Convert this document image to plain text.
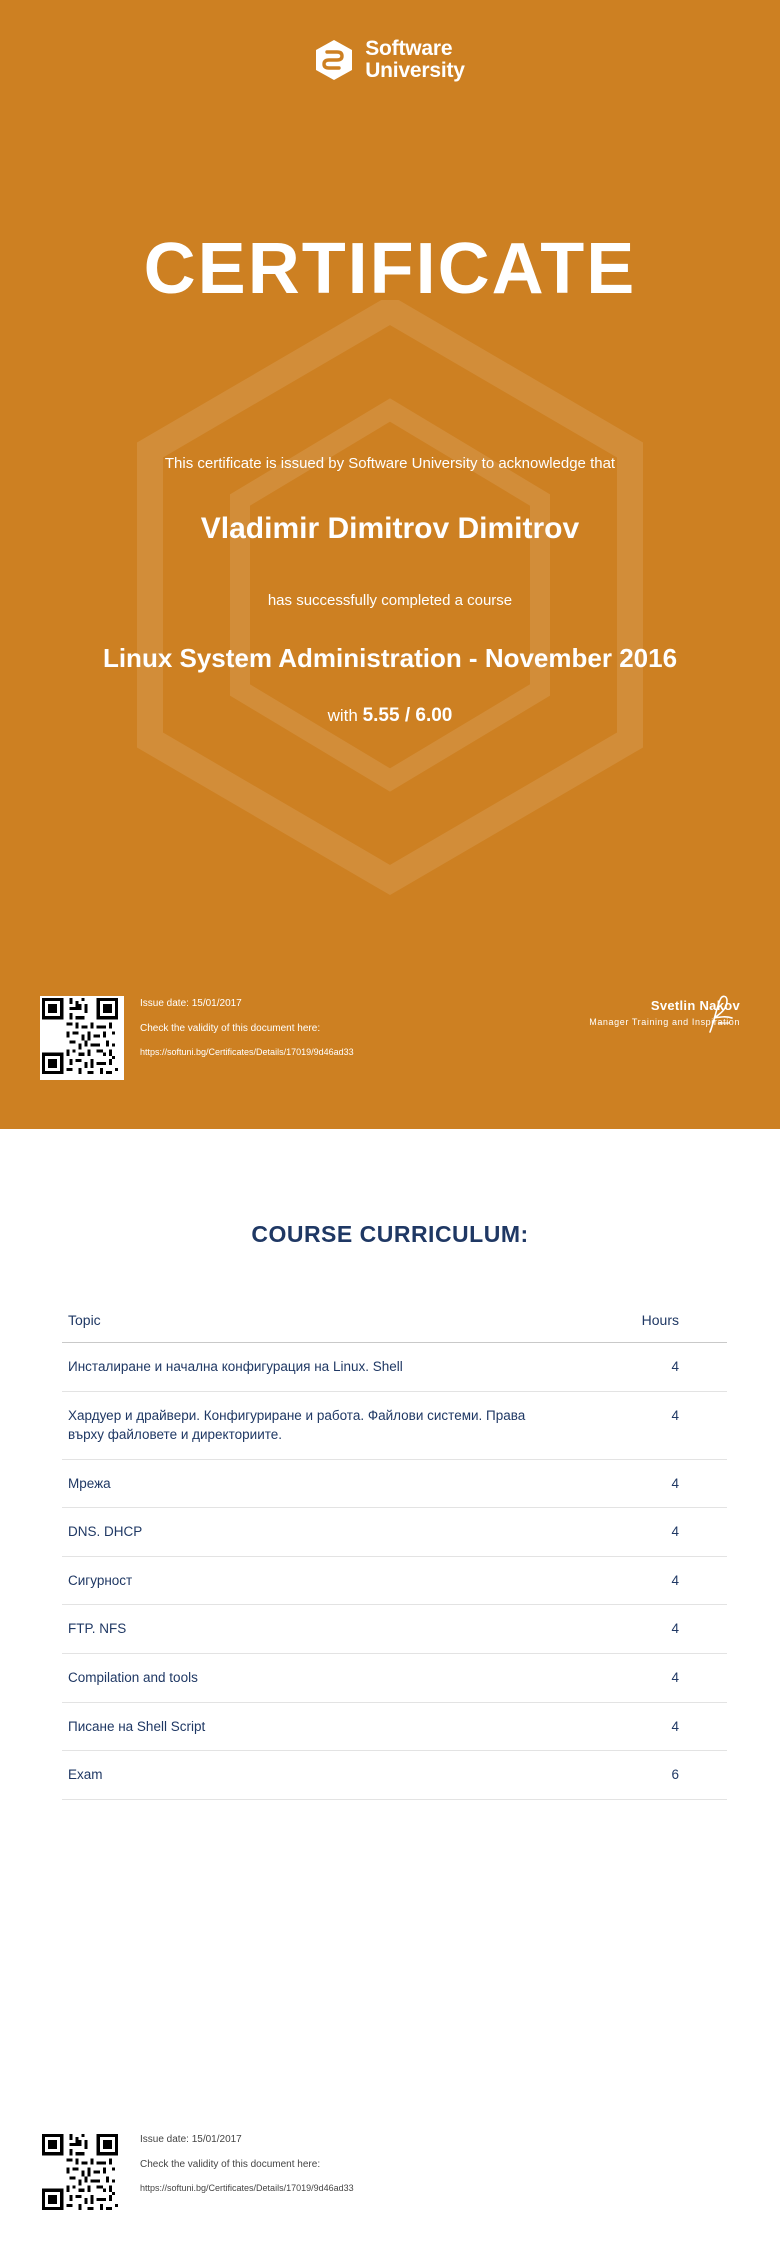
Software
University
CERTIFICATE
This certificate is issued by Software University to acknowledge that
Vladimir Dimitrov Dimitrov
has successfully completed a course
Linux System Administration - November 2016
with 5.55 / 6.00
Issue date: 15/01/2017
Check the validity of this document here:
https://softuni.bg/Certificates/Details/17019/9d46ad33
Svetlin Nakov
Manager Training and Inspiration
COURSE CURRICULUM:
Topic	Hours
Инсталиране и начална конфигурация на Linux. Shell	4
Хардуер и драйвери. Конфигуриране и работа. Файлови системи. Права върху файловете и директориите.	4
Мрежa	4
DNS. DHCP	4
Сигурност	4
FTP. NFS	4
Compilation and tools	4
Писане на Shell Script	4
Exam	6
Issue date: 15/01/2017
Check the validity of this document here:
https://softuni.bg/Certificates/Details/17019/9d46ad33
